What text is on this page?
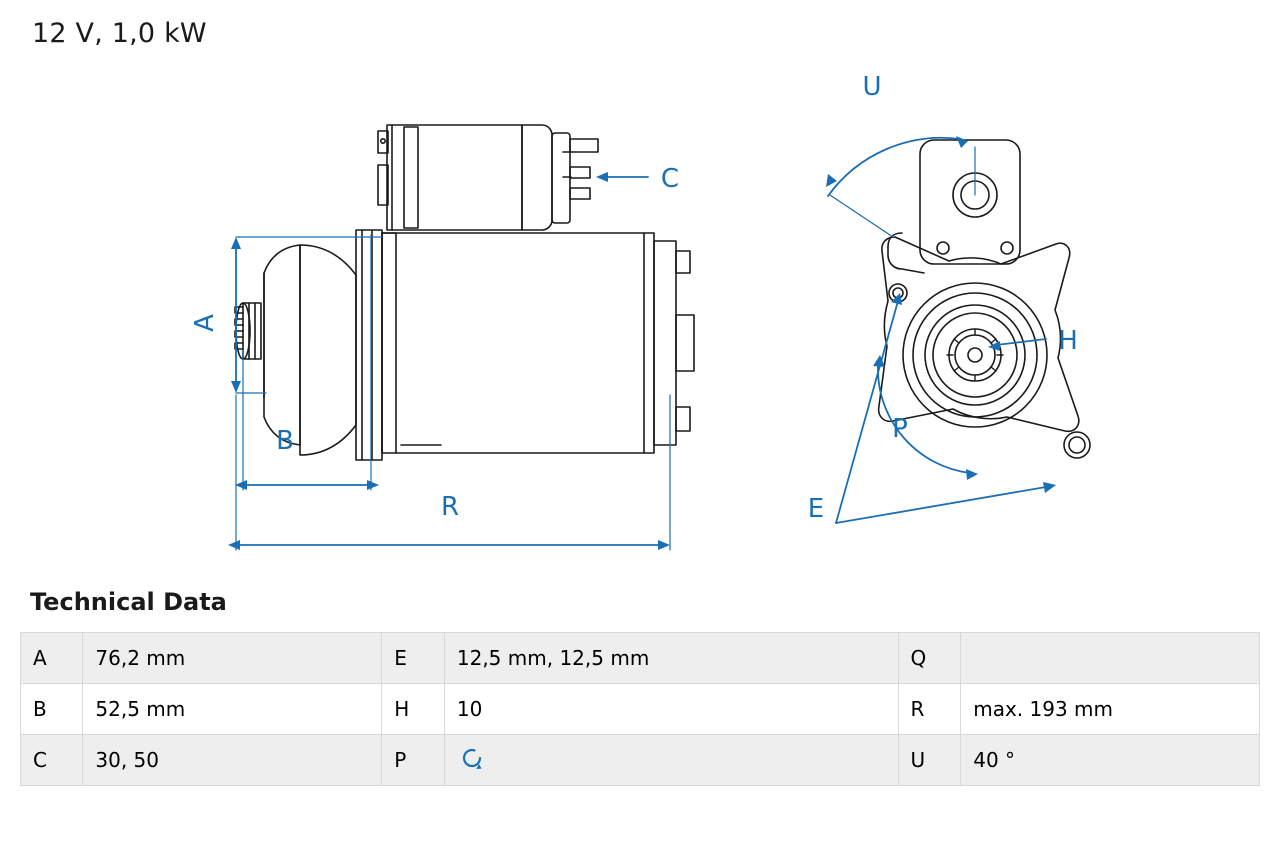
12 V, 1,0 kW
A
B
R
C
U
H
P
E
Technical Data
A	76,2 mm	E	12,5 mm, 12,5 mm	Q	
B	52,5 mm	H	10	R	max. 193 mm
C	30, 50	P		U	40 °
